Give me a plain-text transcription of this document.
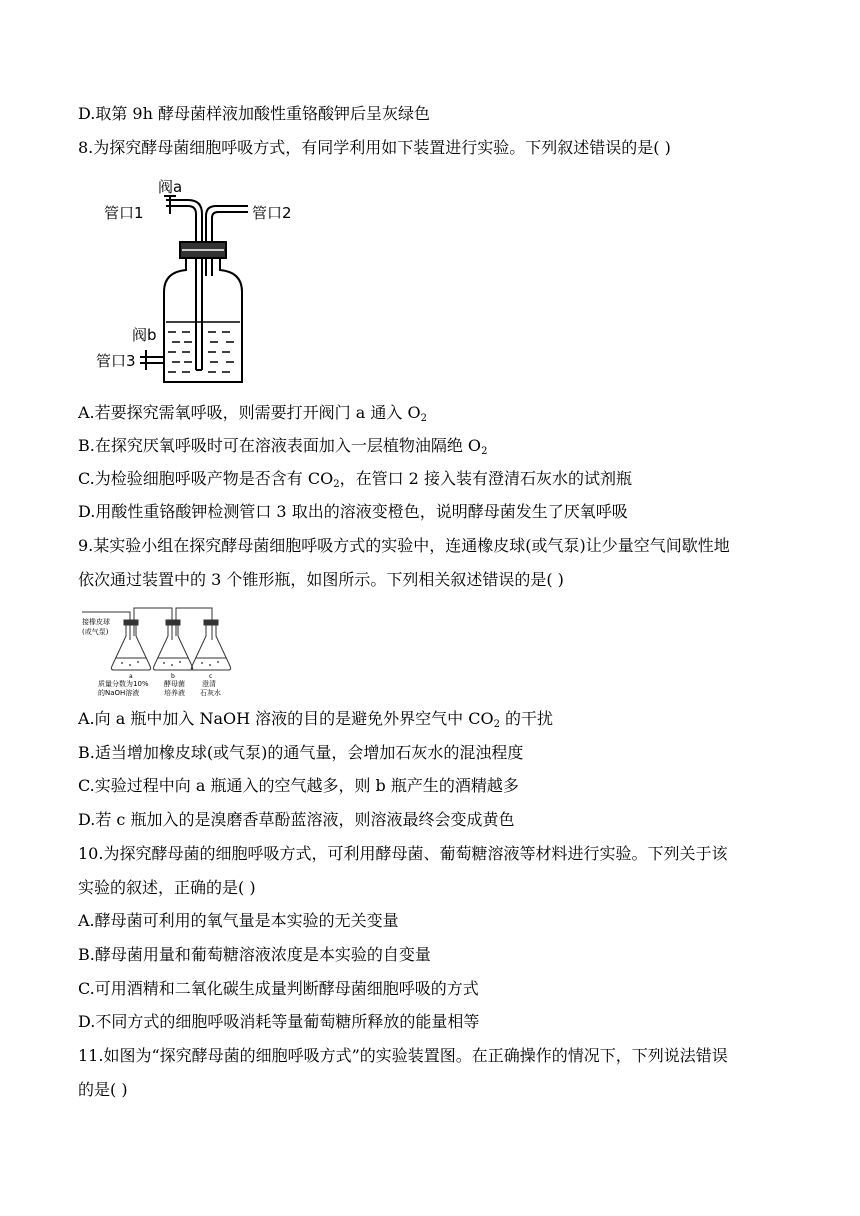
D.取第 9h 酵母菌样液加酸性重铬酸钾后呈灰绿色
8.为探究酵母菌细胞呼吸方式，有同学利用如下装置进行实验。下列叙述错误的是( )
阀a
管口1	管口2
阀b
管口3
A.若要探究需氧呼吸，则需要打开阀门 a 通入 $O_2$
B.在探究厌氧呼吸时可在溶液表面加入一层植物油隔绝 $O_2$
C.为检验细胞呼吸产物是否含有 $CO_2$，在管口 2 接入装有澄清石灰水的试剂瓶
D.用酸性重铬酸钾检测管口 3 取出的溶液变橙色，说明酵母菌发生了厌氧呼吸
9.某实验小组在探究酵母菌细胞呼吸方式的实验中，连通橡皮球(或气泵)让少量空气间歇性地
依次通过装置中的 3 个锥形瓶，如图所示。下列相关叙述错误的是( )
接橡皮球
(或气泵)
a	b	c
质量分数为10%
的NaOH溶液
酵母菌
培养液
澄清
石灰水
A.向 a 瓶中加入 NaOH 溶液的目的是避免外界空气中 $CO_2$ 的干扰
B.适当增加橡皮球(或气泵)的通气量，会增加石灰水的混浊程度
C.实验过程中向 a 瓶通入的空气越多，则 b 瓶产生的酒精越多
D.若 c 瓶加入的是溴磨香草酚蓝溶液，则溶液最终会变成黄色
10.为探究酵母菌的细胞呼吸方式，可利用酵母菌、葡萄糖溶液等材料进行实验。下列关于该
实验的叙述，正确的是( )
A.酵母菌可利用的氧气量是本实验的无关变量
B.酵母菌用量和葡萄糖溶液浓度是本实验的自变量
C.可用酒精和二氧化碳生成量判断酵母菌细胞呼吸的方式
D.不同方式的细胞呼吸消耗等量葡萄糖所释放的能量相等
11.如图为“探究酵母菌的细胞呼吸方式”的实验装置图。在正确操作的情况下，下列说法错误
的是( )
